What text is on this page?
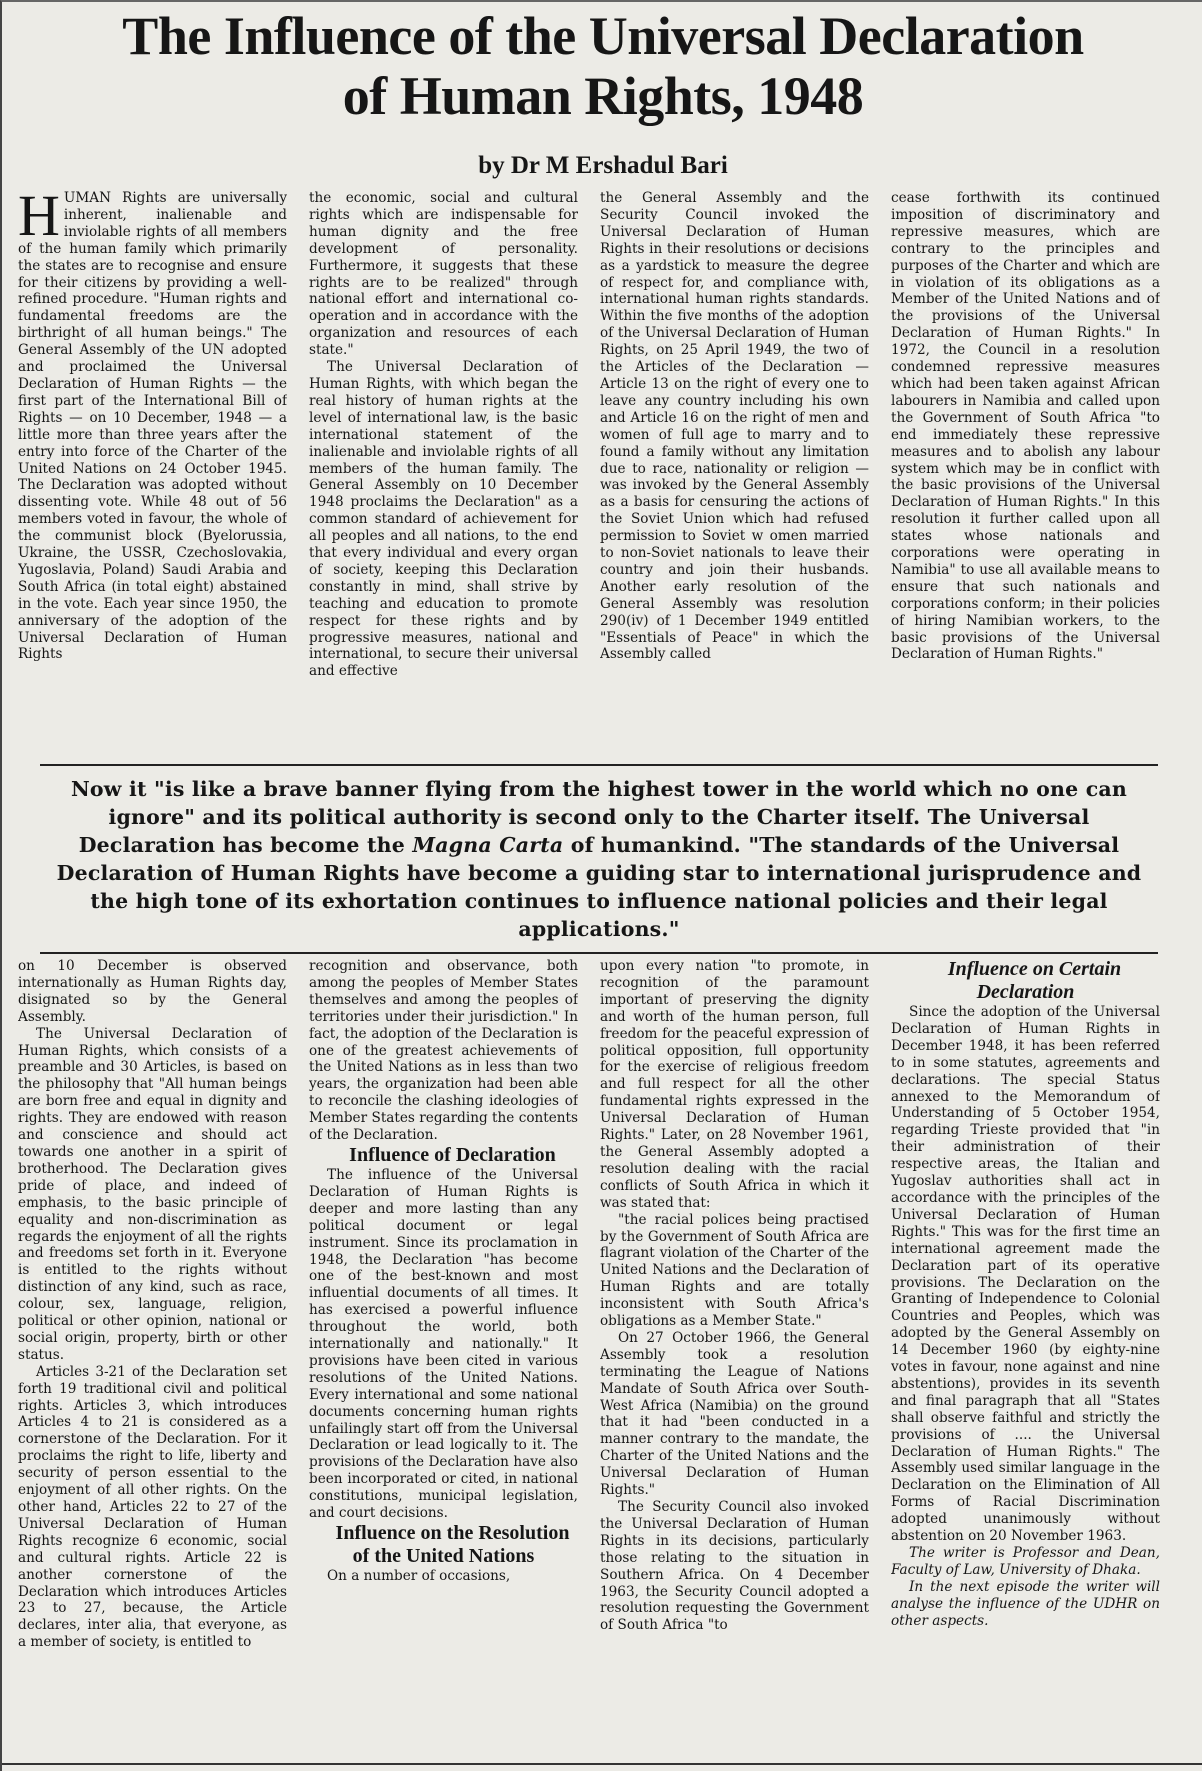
The Influence of the Universal Declaration
of Human Rights, 1948

by Dr M Ershadul Bari

HUMAN Rights are universally inherent, inalienable and inviolable rights of all members of the human family which primarily the states are to recognise and ensure for their citizens by providing a well-refined procedure. "Human rights and fundamental freedoms are the birthright of all human beings." The General Assembly of the UN adopted and proclaimed the Universal Declaration of Human Rights — the first part of the International Bill of Rights — on 10 December, 1948 — a little more than three years after the entry into force of the Charter of the United Nations on 24 October 1945. The Declaration was adopted without dissenting vote. While 48 out of 56 members voted in favour, the whole of the communist block (Byelorussia, Ukraine, the USSR, Czechoslovakia, Yugoslavia, Poland) Saudi Arabia and South Africa (in total eight) abstained in the vote. Each year since 1950, the anniversary of the adoption of the Universal Declaration of Human Rights

the economic, social and cultural rights which are indispensable for human dignity and the free development of personality. Furthermore, it suggests that these rights are to be realized" through national effort and international co-operation and in accordance with the organization and resources of each state."

The Universal Declaration of Human Rights, with which began the real history of human rights at the level of international law, is the basic international statement of the inalienable and inviolable rights of all members of the human family. The General Assembly on 10 December 1948 proclaims the Declaration" as a common standard of achievement for all peoples and all nations, to the end that every individual and every organ of society, keeping this Declaration constantly in mind, shall strive by teaching and education to promote respect for these rights and by progressive measures, national and international, to secure their universal and effective

the General Assembly and the Security Council invoked the Universal Declaration of Human Rights in their resolutions or decisions as a yardstick to measure the degree of respect for, and compliance with, international human rights standards. Within the five months of the adoption of the Universal Declaration of Human Rights, on 25 April 1949, the two of the Articles of the Declaration — Article 13 on the right of every one to leave any country including his own and Article 16 on the right of men and women of full age to marry and to found a family without any limitation due to race, nationality or religion — was invoked by the General Assembly as a basis for censuring the actions of the Soviet Union which had refused permission to Soviet w omen married to non-Soviet nationals to leave their country and join their husbands. Another early resolution of the General Assembly was resolution 290(iv) of 1 December 1949 entitled "Essentials of Peace" in which the Assembly called

cease forthwith its continued imposition of discriminatory and repressive measures, which are contrary to the principles and purposes of the Charter and which are in violation of its obligations as a Member of the United Nations and of the provisions of the Universal Declaration of Human Rights." In 1972, the Council in a resolution condemned repressive measures which had been taken against African labourers in Namibia and called upon the Government of South Africa "to end immediately these repressive measures and to abolish any labour system which may be in conflict with the basic provisions of the Universal Declaration of Human Rights." In this resolution it further called upon all states whose nationals and corporations were operating in Namibia" to use all available means to ensure that such nationals and corporations conform; in their policies of hiring Namibian workers, to the basic provisions of the Universal Declaration of Human Rights."

Now it "is like a brave banner flying from the highest tower in the world which no one can ignore" and its political authority is second only to the Charter itself. The Universal Declaration has become the Magna Carta of humankind. "The standards of the Universal Declaration of Human Rights have become a guiding star to international jurisprudence and the high tone of its exhortation continues to influence national policies and their legal applications."

on 10 December is observed internationally as Human Rights day, disignated so by the General Assembly.

The Universal Declaration of Human Rights, which consists of a preamble and 30 Articles, is based on the philosophy that "All human beings are born free and equal in dignity and rights. They are endowed with reason and conscience and should act towards one another in a spirit of brotherhood. The Declaration gives pride of place, and indeed of emphasis, to the basic principle of equality and non-discrimination as regards the enjoyment of all the rights and freedoms set forth in it. Everyone is entitled to the rights without distinction of any kind, such as race, colour, sex, language, religion, political or other opinion, national or social origin, property, birth or other status.

Articles 3-21 of the Declaration set forth 19 traditional civil and political rights. Articles 3, which introduces Articles 4 to 21 is considered as a cornerstone of the Declaration. For it proclaims the right to life, liberty and security of person essential to the enjoyment of all other rights. On the other hand, Articles 22 to 27 of the Universal Declaration of Human Rights recognize 6 economic, social and cultural rights. Article 22 is another cornerstone of the Declaration which introduces Articles 23 to 27, because, the Article declares, inter alia, that everyone, as a member of society, is entitled to

recognition and observance, both among the peoples of Member States themselves and among the peoples of territories under their jurisdiction." In fact, the adoption of the Declaration is one of the greatest achievements of the United Nations as in less than two years, the organization had been able to reconcile the clashing ideologies of Member States regarding the contents of the Declaration.

Influence of Declaration

The influence of the Universal Declaration of Human Rights is deeper and more lasting than any political document or legal instrument. Since its proclamation in 1948, the Declaration "has become one of the best-known and most influential documents of all times. It has exercised a powerful influence throughout the world, both internationally and nationally." It provisions have been cited in various resolutions of the United Nations. Every international and some national documents concerning human rights unfailingly start off from the Universal Declaration or lead logically to it. The provisions of the Declaration have also been incorporated or cited, in national constitutions, municipal legislation, and court decisions.

Influence on the Resolution of the United Nations

On a number of occasions,

upon every nation "to promote, in recognition of the paramount important of preserving the dignity and worth of the human person, full freedom for the peaceful expression of political opposition, full opportunity for the exercise of religious freedom and full respect for all the other fundamental rights expressed in the Universal Declaration of Human Rights." Later, on 28 November 1961, the General Assembly adopted a resolution dealing with the racial conflicts of South Africa in which it was stated that:

"the racial polices being practised by the Government of South Africa are flagrant violation of the Charter of the United Nations and the Declaration of Human Rights and are totally inconsistent with South Africa's obligations as a Member State."

On 27 October 1966, the General Assembly took a resolution terminating the League of Nations Mandate of South Africa over South-West Africa (Namibia) on the ground that it had "been conducted in a manner contrary to the mandate, the Charter of the United Nations and the Universal Declaration of Human Rights."

The Security Council also invoked the Universal Declaration of Human Rights in its decisions, particularly those relating to the situation in Southern Africa. On 4 December 1963, the Security Council adopted a resolution requesting the Government of South Africa "to

Influence on Certain Declaration

Since the adoption of the Universal Declaration of Human Rights in December 1948, it has been referred to in some statutes, agreements and declarations. The special Status annexed to the Memorandum of Understanding of 5 October 1954, regarding Trieste provided that "in their administration of their respective areas, the Italian and Yugoslav authorities shall act in accordance with the principles of the Universal Declaration of Human Rights." This was for the first time an international agreement made the Declaration part of its operative provisions. The Declaration on the Granting of Independence to Colonial Countries and Peoples, which was adopted by the General Assembly on 14 December 1960 (by eighty-nine votes in favour, none against and nine abstentions), provides in its seventh and final paragraph that all "States shall observe faithful and strictly the provisions of .... the Universal Declaration of Human Rights." The Assembly used similar language in the Declaration on the Elimination of All Forms of Racial Discrimination adopted unanimously without abstention on 20 November 1963.

The writer is Professor and Dean, Faculty of Law, University of Dhaka.

In the next episode the writer will analyse the influence of the UDHR on other aspects.
